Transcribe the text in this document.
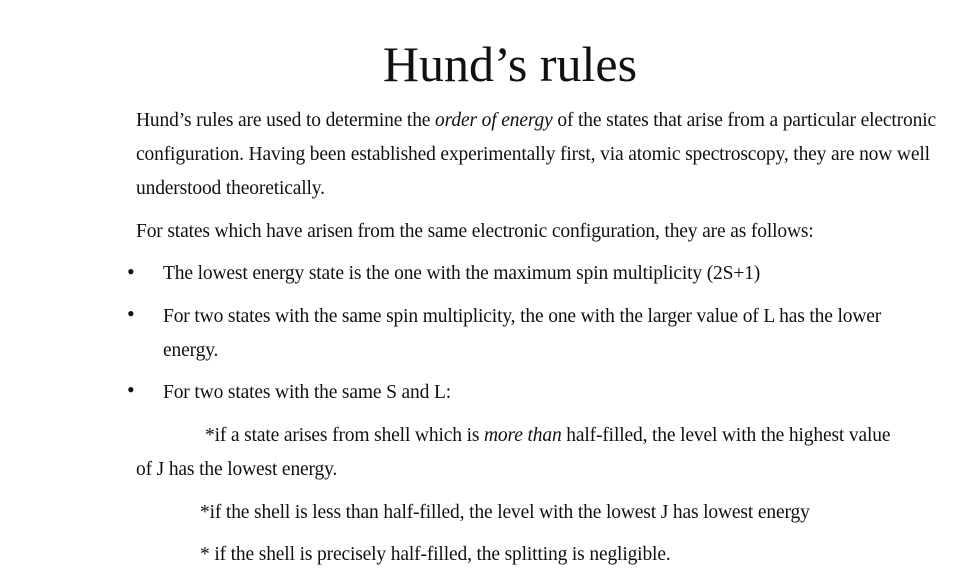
Hund’s rules

Hund’s rules are used to determine the order of energy of the states that arise from a particular electronic configuration. Having been established experimentally first, via atomic spectroscopy, they are now well understood theoretically.

For states which have arisen from the same electronic configuration, they are as follows:

• The lowest energy state is the one with the maximum spin multiplicity (2S+1)

• For two states with the same spin multiplicity, the one with the larger value of L has the lower energy.

• For two states with the same S and L:

*if a state arises from shell which is more than half-filled, the level with the highest value of J has the lowest energy.

*if the shell is less than half-filled, the level with the lowest J has lowest energy

* if the shell is precisely half-filled, the splitting is negligible.
